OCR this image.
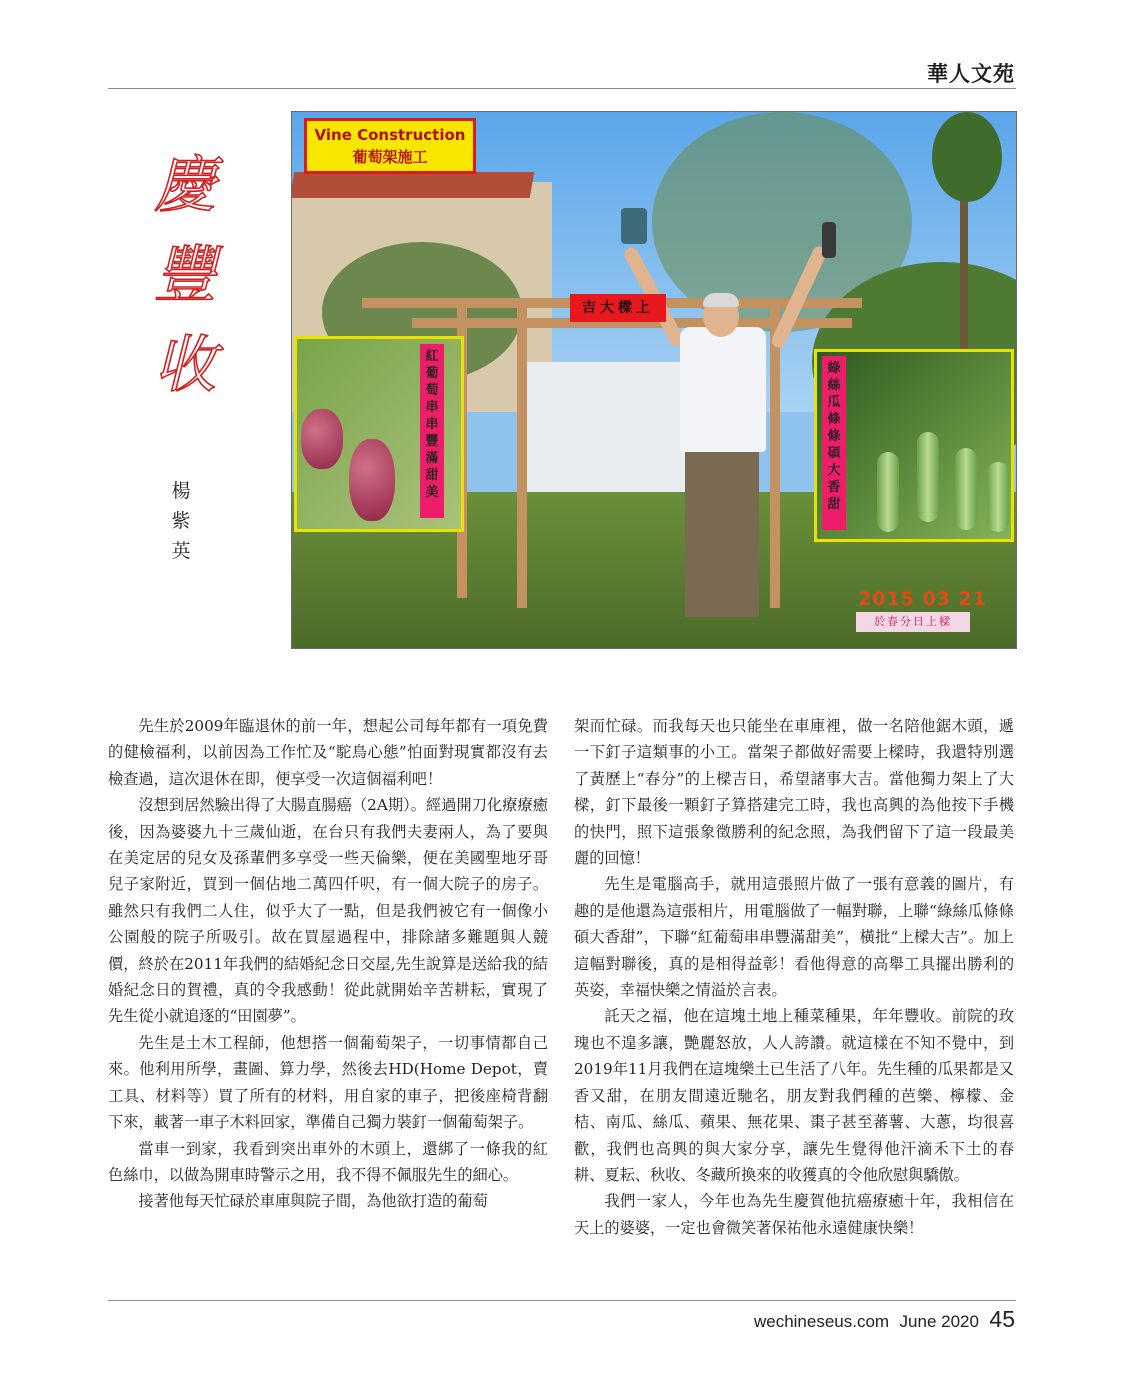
華人文苑
慶
豐
收
楊
紫
英
Vine Construction
葡萄架施工
吉大樑上
紅
葡
萄
串
串
豐
滿
甜
美
綠
絲
瓜
條
條
碩
大
香
甜
2015 03 21
於春分日上樑

先生於2009年臨退休的前一年，想起公司每年都有一項免費的健檢福利，以前因為工作忙及“駝鳥心態”怕面對現實都沒有去檢查過，這次退休在即，便享受一次這個福利吧！

沒想到居然驗出得了大腸直腸癌（2A期）。經過開刀化療療癒後，因為婆婆九十三歲仙逝，在台只有我們夫妻兩人，為了要與在美定居的兒女及孫輩們多享受一些天倫樂，便在美國聖地牙哥兒子家附近，買到一個佔地二萬四仟呎，有一個大院子的房子。雖然只有我們二人住，似乎大了一點，但是我們被它有一個像小公園般的院子所吸引。故在買屋過程中，排除諸多難題與人競價，終於在2011年我們的結婚紀念日交屋,先生說算是送給我的結婚紀念日的賀禮，真的令我感動！從此就開始辛苦耕耘，實現了先生從小就追逐的“田園夢”。

先生是土木工程師，他想搭一個葡萄架子，一切事情都自己來。他利用所學，畫圖、算力學，然後去HD(Home Depot，賣工具、材料等）買了所有的材料，用自家的車子，把後座椅背翻下來，載著一車子木料回家，準備自己獨力裝釘一個葡萄架子。

當車一到家，我看到突出車外的木頭上，還綁了一條我的紅色絲巾，以做為開車時警示之用，我不得不佩服先生的細心。

接著他每天忙碌於車庫與院子間，為他欲打造的葡萄

架而忙碌。而我每天也只能坐在車庫裡，做一名陪他鋸木頭，遞一下釘子這類事的小工。當架子都做好需要上樑時，我還特別選了黃歷上“春分”的上樑吉日，希望諸事大吉。當他獨力架上了大樑，釘下最後一顆釘子算搭建完工時，我也高興的為他按下手機的快門，照下這張象徵勝利的紀念照，為我們留下了這一段最美麗的回憶！

先生是電腦高手，就用這張照片做了一張有意義的圖片，有趣的是他還為這張相片，用電腦做了一幅對聯，上聯“綠絲瓜條條碩大香甜”，下聯“紅葡萄串串豐滿甜美”，橫批“上樑大吉”。加上這幅對聯後，真的是相得益彰！看他得意的高舉工具擺出勝利的英姿，幸福快樂之情溢於言表。

託天之福，他在這塊土地上種菜種果，年年豐收。前院的玫瑰也不遑多讓，艷麗怒放，人人誇讚。就這樣在不知不覺中，到2019年11月我們在這塊樂土已生活了八年。先生種的瓜果都是又香又甜，在朋友間遠近馳名，朋友對我們種的芭樂、檸檬、金桔、南瓜、絲瓜、蘋果、無花果、棗子甚至蕃薯、大蔥，均很喜歡，我們也高興的與大家分享，讓先生覺得他汗滴禾下土的春耕、夏耘、秋收、冬藏所換來的收獲真的令他欣慰與驕傲。

我們一家人，今年也為先生慶賀他抗癌療癒十年，我相信在天上的婆婆，一定也會微笑著保祐他永遠健康快樂！

wechineseus.com June 2020 45
